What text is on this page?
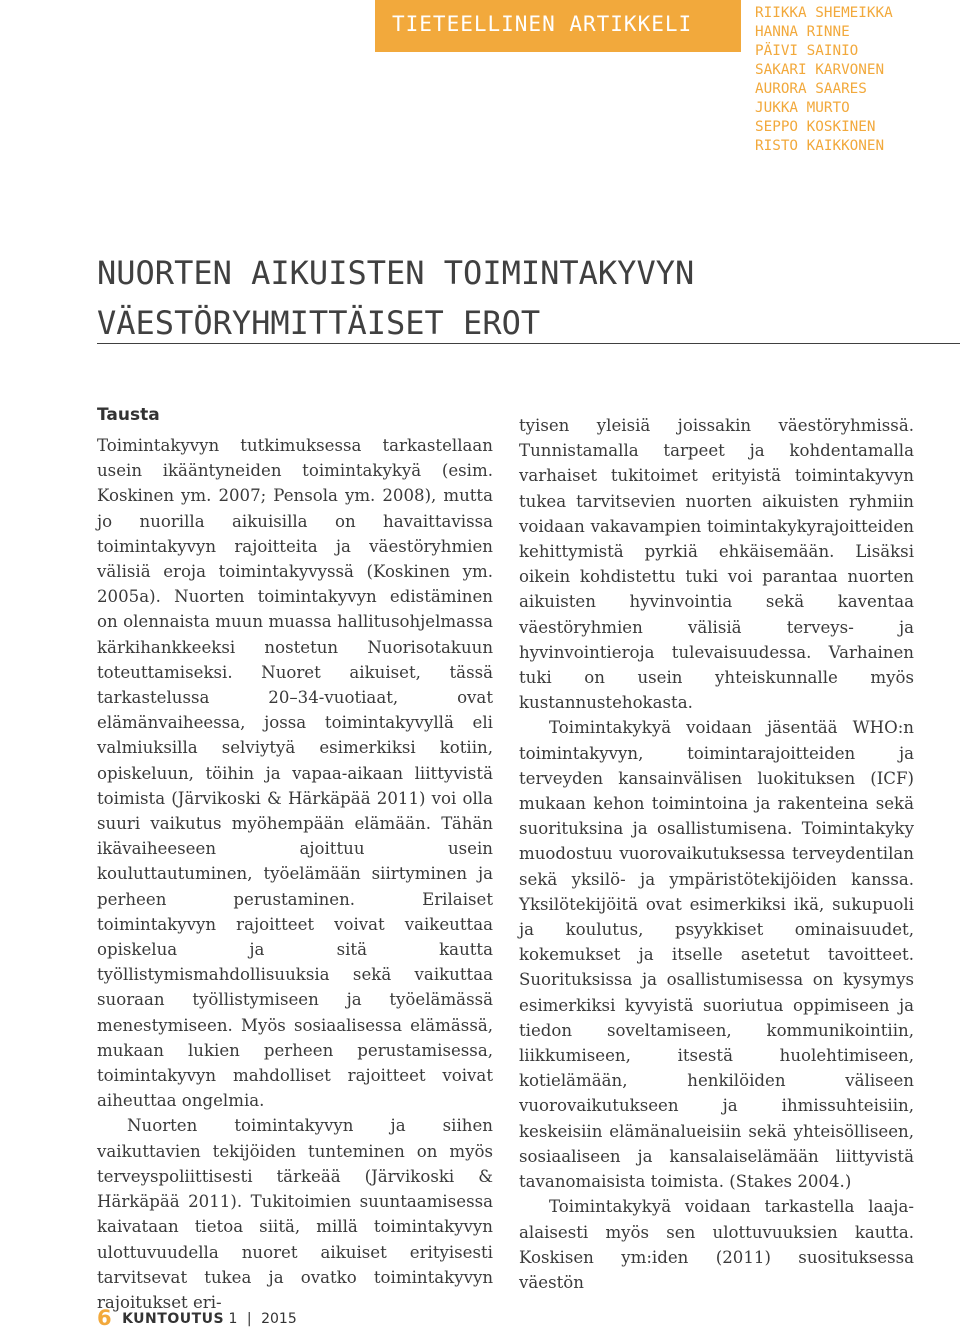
TIETEELLINEN ARTIKKELI	RIIKKA SHEMEIKKA
HANNA RINNE
PÄIVI SAINIO
SAKARI KARVONEN
AURORA SAARES
JUKKA MURTO
SEPPO KOSKINEN
RISTO KAIKKONEN
NUORTEN AIKUISTEN TOIMINTAKYVYN
VÄESTÖRYHMITTÄISET EROT
Tausta

Toimintakyvyn tutkimuksessa tarkastellaan usein ikääntyneiden toimintakykyä (esim. Koskinen ym. 2007; Pensola ym. 2008), mutta jo nuorilla aikuisilla on havaittavissa toimintakyvyn rajoitteita ja väestöryhmien välisiä eroja toimintakyvyssä (Koskinen ym. 2005a). Nuorten toimintakyvyn edistäminen on olennaista muun muassa hallitusohjelmassa kärkihankkeeksi nostetun Nuorisotakuun toteuttamiseksi. Nuoret aikuiset, tässä tarkastelussa 20–34-vuotiaat, ovat elämänvaiheessa, jossa toimintakyvyllä eli valmiuksilla selviytyä esimerkiksi kotiin, opiskeluun, töihin ja vapaa-aikaan liittyvistä toimista (Järvikoski & Härkäpää 2011) voi olla suuri vaikutus myöhempään elämään. Tähän ikävaiheeseen ajoittuu usein kouluttautuminen, työelämään siirtyminen ja perheen perustaminen. Erilaiset toimintakyvyn rajoitteet voivat vaikeuttaa opiskelua ja sitä kautta työllistymismahdollisuuksia sekä vaikuttaa suoraan työllistymiseen ja työelämässä menestymiseen. Myös sosiaalisessa elämässä, mukaan lukien perheen perustamisessa, toimintakyvyn mahdolliset rajoitteet voivat aiheuttaa ongelmia.

Nuorten toimintakyvyn ja siihen vaikuttavien tekijöiden tunteminen on myös terveyspoliittisesti tärkeää (Järvikoski & Härkäpää 2011). Tukitoimien suuntaamisessa kaivataan tietoa siitä, millä toimintakyvyn ulottuvuudella nuoret aikuiset erityisesti tarvitsevat tukea ja ovatko toimintakyvyn rajoitukset eri-

tyisen yleisiä joissakin väestöryhmissä. Tunnistamalla tarpeet ja kohdentamalla varhaiset tukitoimet erityistä toimintakyvyn tukea tarvitsevien nuorten aikuisten ryhmiin voidaan vakavampien toimintakykyrajoitteiden kehittymistä pyrkiä ehkäisemään. Lisäksi oikein kohdistettu tuki voi parantaa nuorten aikuisten hyvinvointia sekä kaventaa väestöryhmien välisiä terveys- ja hyvinvointieroja tulevaisuudessa. Varhainen tuki on usein yhteiskunnalle myös kustannustehokasta.

Toimintakykyä voidaan jäsentää WHO:n toimintakyvyn, toimintarajoitteiden ja terveyden kansainvälisen luokituksen (ICF) mukaan kehon toimintoina ja rakenteina sekä suorituksina ja osallistumisena. Toimintakyky muodostuu vuorovaikutuksessa terveydentilan sekä yksilö- ja ympäristötekijöiden kanssa. Yksilötekijöitä ovat esimerkiksi ikä, sukupuoli ja koulutus, psyykkiset ominaisuudet, kokemukset ja itselle asetetut tavoitteet. Suorituksissa ja osallistumisessa on kysymys esimerkiksi kyvyistä suoriutua oppimiseen ja tiedon soveltamiseen, kommunikointiin, liikkumiseen, itsestä huolehtimiseen, kotielämään, henkilöiden väliseen vuorovaikutukseen ja ihmissuhteisiin, keskeisiin elämänalueisiin sekä yhteisölliseen, sosiaaliseen ja kansalaiselämään liittyvistä tavanomaisista toimista. (Stakes 2004.)

Toimintakykyä voidaan tarkastella laaja-alaisesti myös sen ulottuvuuksien kautta. Koskisen ym:iden (2011) suosituksessa väestön

6 KUNTOUTUS 1 | 2015
